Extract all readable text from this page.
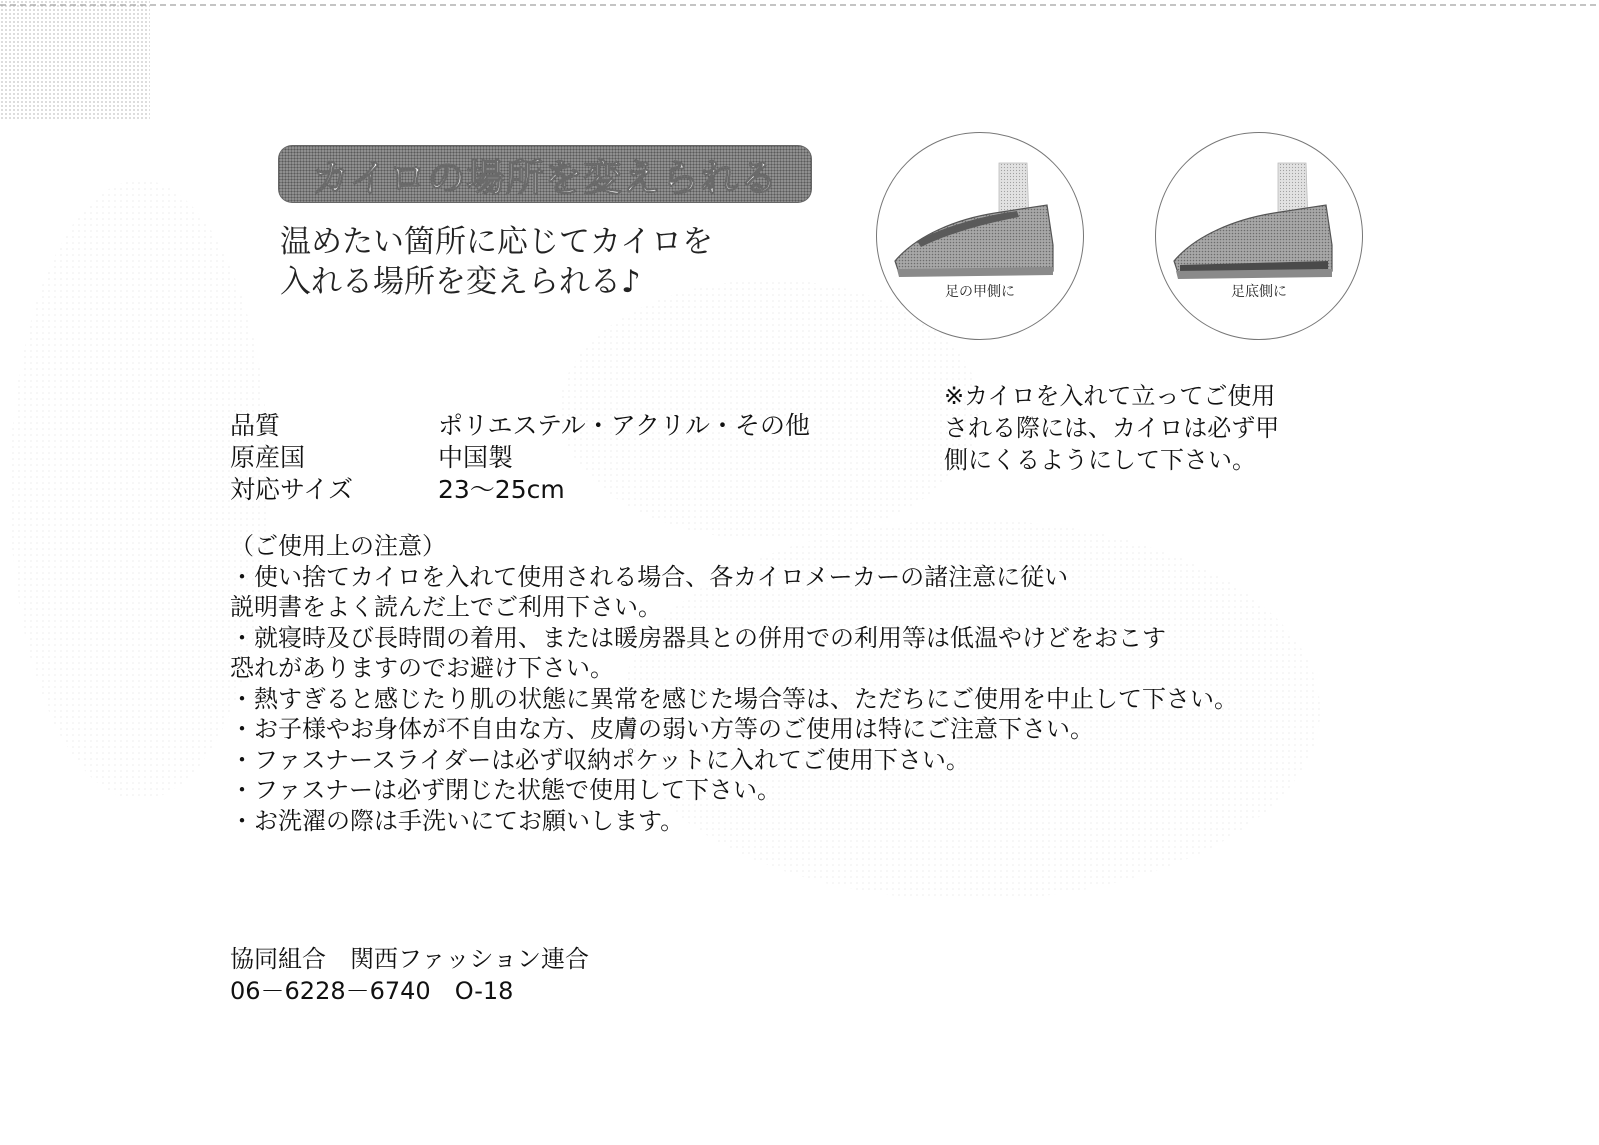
カイロの場所を変えられる
温めたい箇所に応じてカイロを
入れる場所を変えられる♪	足の甲側に	足底側に
※カイロを入れて立ってご使用
される際には、カイロは必ず甲
側にくるようにして下さい。
品質	ポリエステル・アクリル・その他
原産国	中国製
対応サイズ	23～25cm
（ご使用上の注意）
・使い捨てカイロを入れて使用される場合、各カイロメーカーの諸注意に従い
説明書をよく読んだ上でご利用下さい。
・就寝時及び長時間の着用、または暖房器具との併用での利用等は低温やけどをおこす
恐れがありますのでお避け下さい。
・熱すぎると感じたり肌の状態に異常を感じた場合等は、ただちにご使用を中止して下さい。
・お子様やお身体が不自由な方、皮膚の弱い方等のご使用は特にご注意下さい。
・ファスナースライダーは必ず収納ポケットに入れてご使用下さい。
・ファスナーは必ず閉じた状態で使用して下さい。
・お洗濯の際は手洗いにてお願いします。
協同組合　関西ファッション連合
06－6228－6740　O-18
